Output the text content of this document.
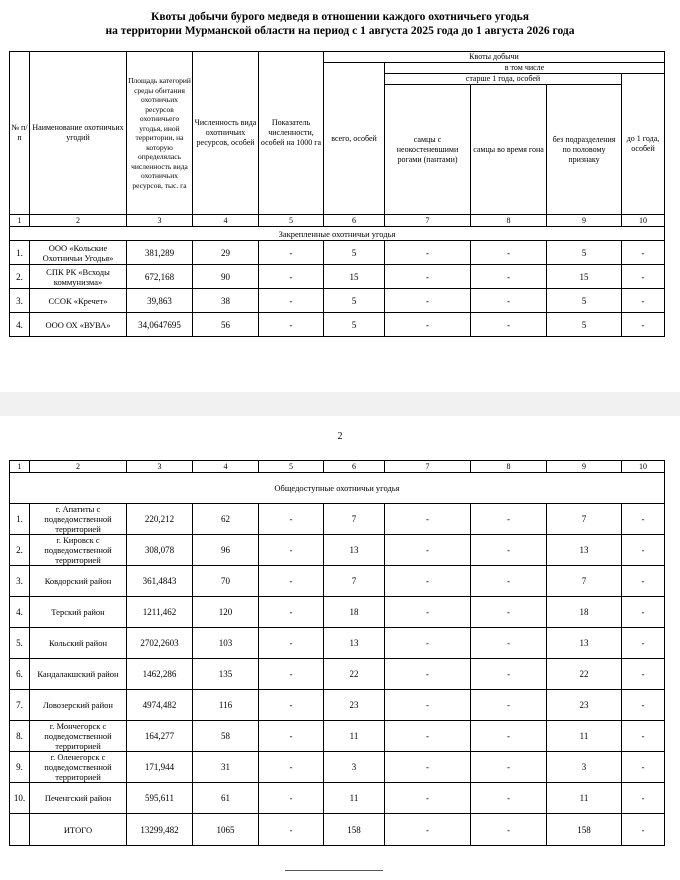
Квоты добычи бурого медведя в отношении каждого охотничьего угодья
на территории Мурманской области на период с 1 августа 2025 года до 1 августа 2026 года
№ п/п	Наименование охотничьих угодий	Площадь категорий среды обитания охотничьих ресурсов охотничьего угодья, иной территории, на которую определялась численность вида охотничьих ресурсов, тыс. га	Численность вида охотничьих ресурсов, особей	Показатель численности, особей на 1000 га	Квоты добычи				
					всего, особей	в том числе			
						старше 1 года, особей			до 1 года, особей
						самцы с неокостеневшими рогами (пантами)	самцы во время гона	без подразделения по половому признаку	
1	2	3	4	5	6	7	8	9	10
Закрепленные охотничьи угодья									
1.	ООО «Кольские Охотничьи Угодья»	381,289	29	-	5	-	-	5	-
2.	СПК РК «Всходы коммунизма»	672,168	90	-	15	-	-	15	-
3.	ССОК «Кречет»	39,863	38	-	5	-	-	5	-
4.	ООО ОХ «ВУВА»	34,0647695	56	-	5	-	-	5	-
2
1	2	3	4	5	6	7	8	9	10
Общедоступные охотничьи угодья									
1.	г. Апатиты с подведомственной территорией	220,212	62	-	7	-	-	7	-
2.	г. Кировск с подведомственной территорией	308,078	96	-	13	-	-	13	-
3.	Ковдорский район	361,4843	70	-	7	-	-	7	-
4.	Терский район	1211,462	120	-	18	-	-	18	-
5.	Кольский район	2702,2603	103	-	13	-	-	13	-
6.	Кандалакшский район	1462,286	135	-	22	-	-	22	-
7.	Ловозерский район	4974,482	116	-	23	-	-	23	-
8.	г. Мончегорск с подведомственной территорией	164,277	58	-	11	-	-	11	-
9.	г. Оленегорск с подведомственной территорией	171,944	31	-	3	-	-	3	-
10.	Печенгский район	595,611	61	-	11	-	-	11	-
	ИТОГО	13299,482	1065	-	158	-	-	158	-
